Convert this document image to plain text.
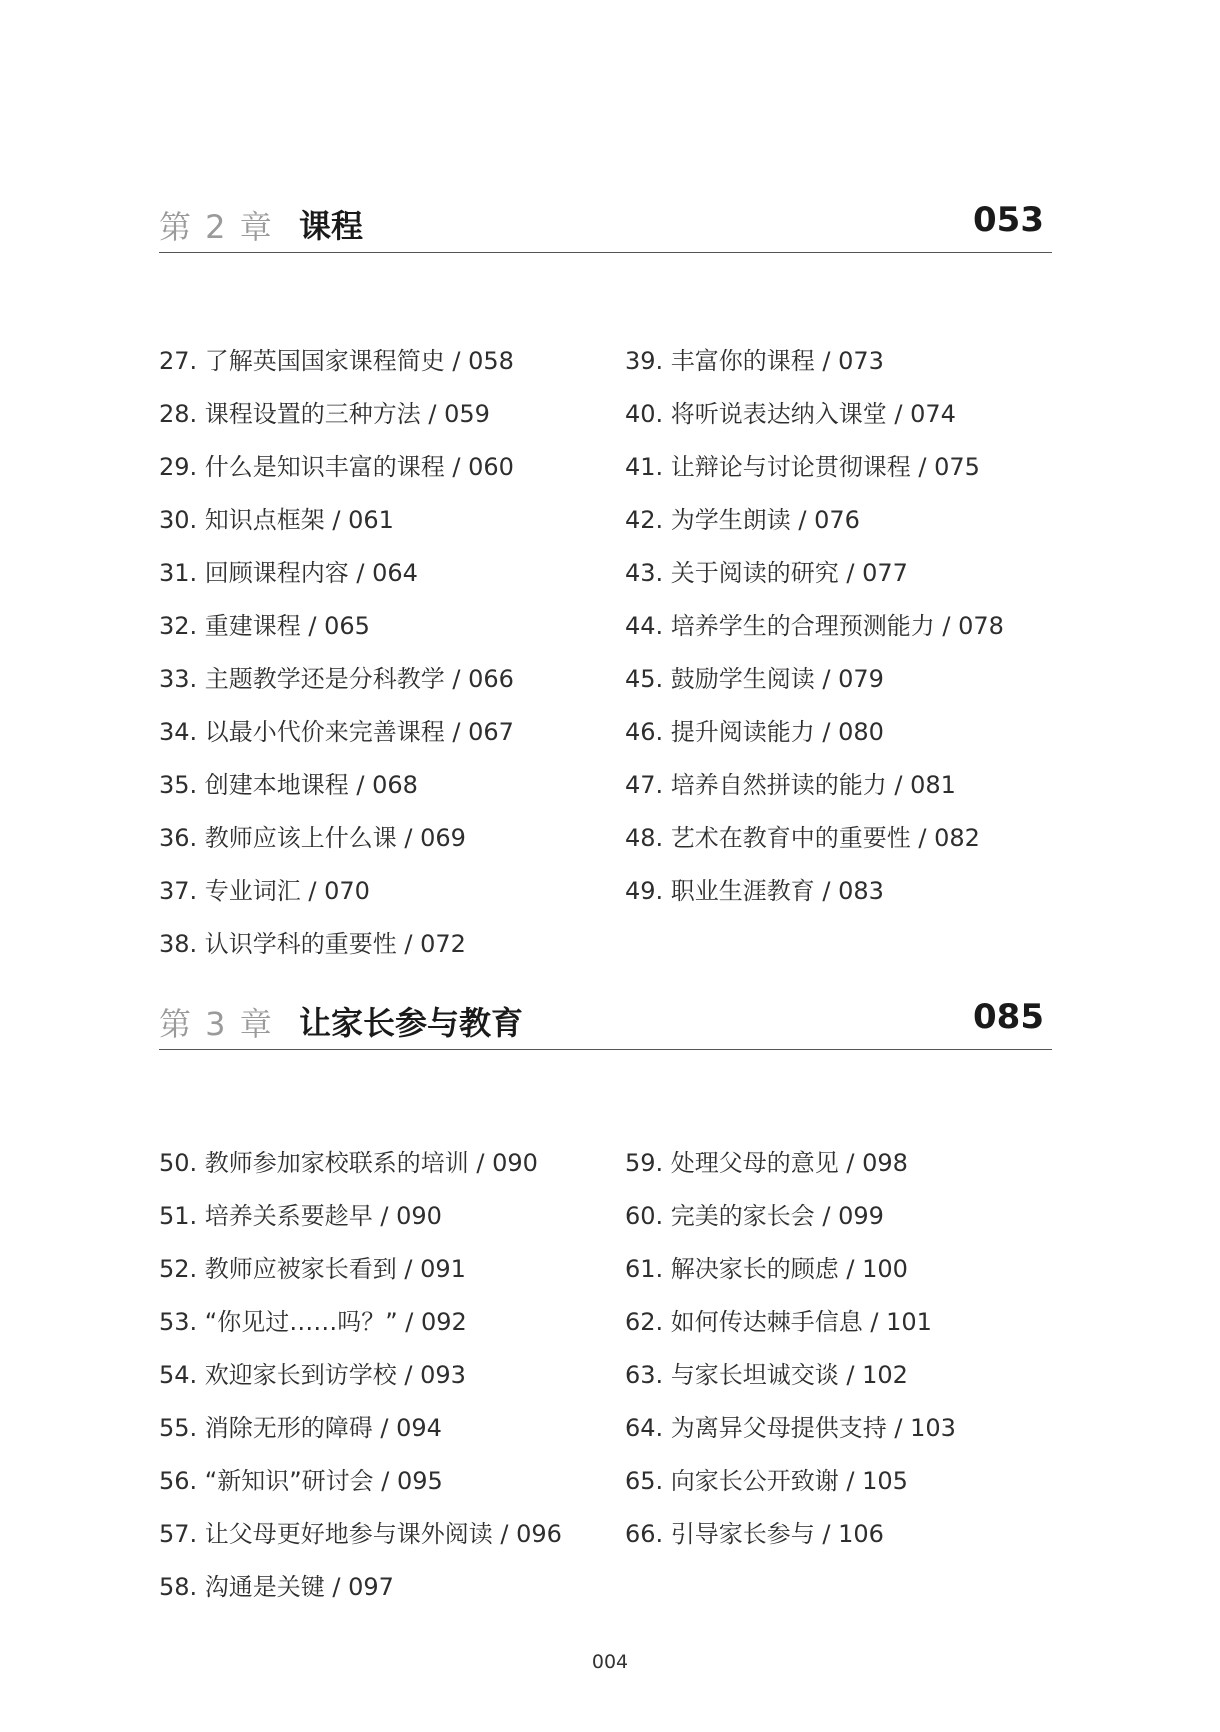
第 2 章 课程	053
27. 了解英国国家课程简史 / 058
28. 课程设置的三种方法 / 059
29. 什么是知识丰富的课程 / 060
30. 知识点框架 / 061
31. 回顾课程内容 / 064
32. 重建课程 / 065
33. 主题教学还是分科教学 / 066
34. 以最小代价来完善课程 / 067
35. 创建本地课程 / 068
36. 教师应该上什么课 / 069
37. 专业词汇 / 070
38. 认识学科的重要性 / 072
39. 丰富你的课程 / 073
40. 将听说表达纳入课堂 / 074
41. 让辩论与讨论贯彻课程 / 075
42. 为学生朗读 / 076
43. 关于阅读的研究 / 077
44. 培养学生的合理预测能力 / 078
45. 鼓励学生阅读 / 079
46. 提升阅读能力 / 080
47. 培养自然拼读的能力 / 081
48. 艺术在教育中的重要性 / 082
49. 职业生涯教育 / 083
第 3 章 让家长参与教育	085
50. 教师参加家校联系的培训 / 090
51. 培养关系要趁早 / 090
52. 教师应被家长看到 / 091
53. “你见过……吗？” / 092
54. 欢迎家长到访学校 / 093
55. 消除无形的障碍 / 094
56. “新知识”研讨会 / 095
57. 让父母更好地参与课外阅读 / 096
58. 沟通是关键 / 097
59. 处理父母的意见 / 098
60. 完美的家长会 / 099
61. 解决家长的顾虑 / 100
62. 如何传达棘手信息 / 101
63. 与家长坦诚交谈 / 102
64. 为离异父母提供支持 / 103
65. 向家长公开致谢 / 105
66. 引导家长参与 / 106
004
